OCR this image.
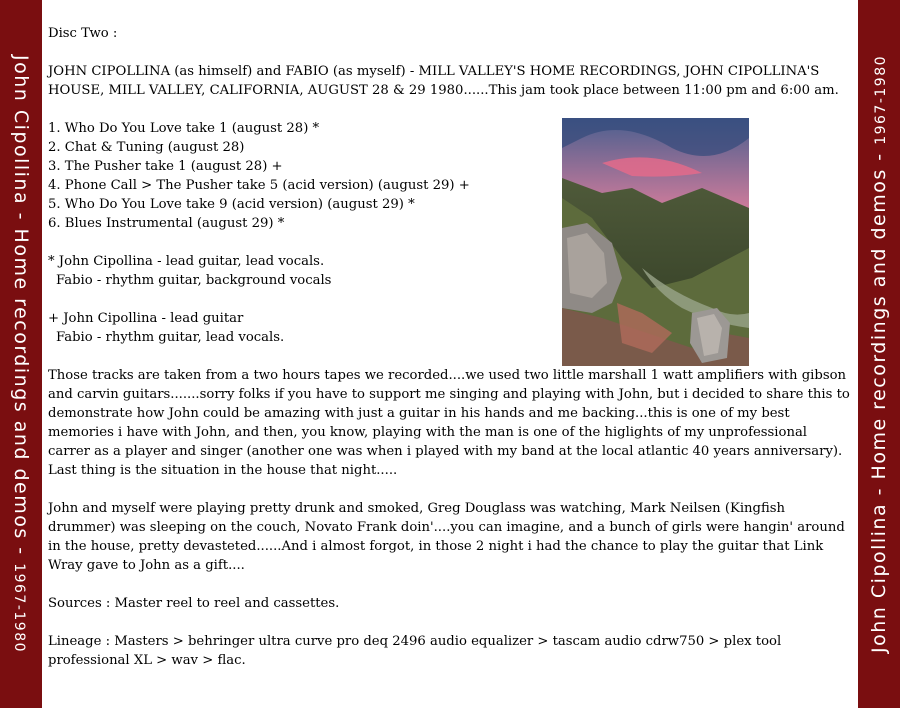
John Cipollina - Home recordings and demos - 1967-1980	John Cipollina - Home recordings and demos - 1967-1980

Disc Two :

JOHN CIPOLLINA (as himself) and FABIO (as myself) - MILL VALLEY'S HOME RECORDINGS, JOHN CIPOLLINA'S HOUSE, MILL VALLEY, CALIFORNIA, AUGUST 28 & 29 1980......This jam took place between 11:00 pm and 6:00 am.

1. Who Do You Love take 1 (august 28) *
2. Chat & Tuning (august 28)
3. The Pusher take 1 (august 28) +
4. Phone Call > The Pusher take 5 (acid version) (august 29) +
5. Who Do You Love take 9 (acid version) (august 29) *
6. Blues Instrumental (august 29) *

* John Cipollina - lead guitar, lead vocals.
Fabio - rhythm guitar, background vocals

+ John Cipollina - lead guitar
Fabio - rhythm guitar, lead vocals.

Those tracks are taken from a two hours tapes we recorded....we used two little marshall 1 watt amplifiers with gibson and carvin guitars.......sorry folks if you have to support me singing and playing with John, but i decided to share this to demonstrate how John could be amazing with just a guitar in his hands and me backing...this is one of my best memories i have with John, and then, you know, playing with the man is one of the higlights of my unprofessional carrer as a player and singer (another one was when i played with my band at the local atlantic 40 years anniversary). Last thing is the situation in the house that night.....

John and myself were playing pretty drunk and smoked, Greg Douglass was watching, Mark Neilsen (Kingfish drummer) was sleeping on the couch, Novato Frank doin'....you can imagine, and a bunch of girls were hangin' around in the house, pretty devasteted......And i almost forgot, in those 2 night i had the chance to play the guitar that Link Wray gave to John as a gift....

Sources : Master reel to reel and cassettes.

Lineage : Masters > behringer ultra curve pro deq 2496 audio equalizer > tascam audio cdrw750 > plex tool professional XL > wav > flac.
